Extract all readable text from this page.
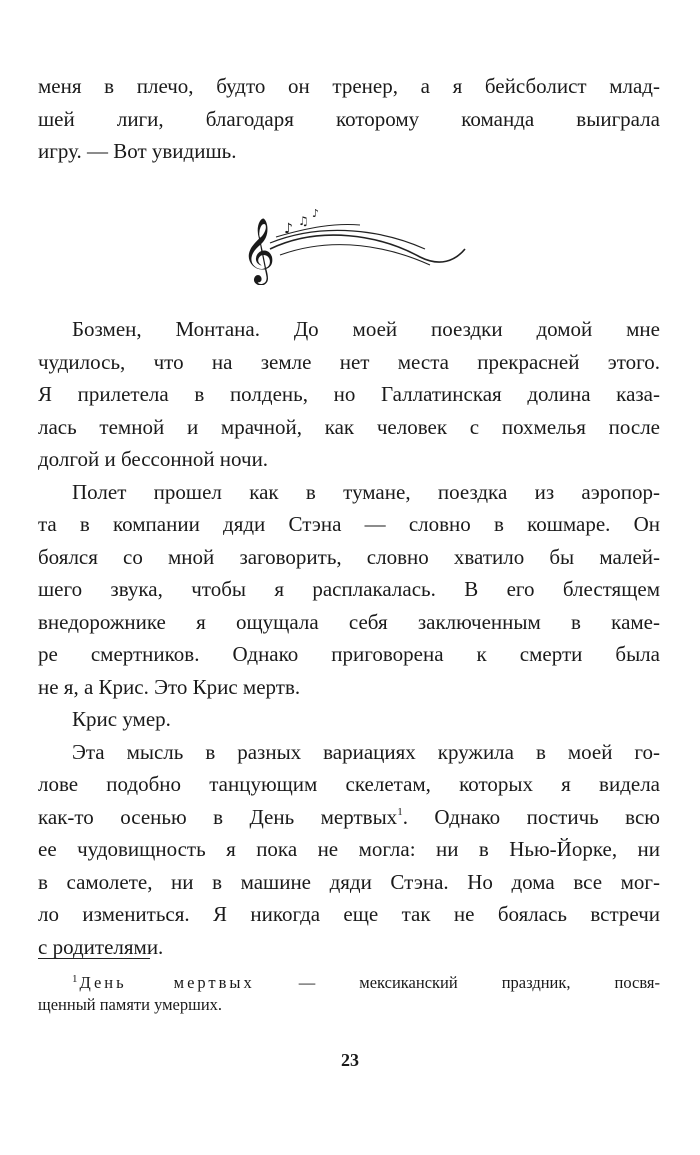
меня в плечо, будто он тренер, а я бейсболист млад-
шей лиги, благодаря которому команда выиграла
игру. — Вот увидишь.
𝄞 ♪ ♫
♪
Бозмен, Монтана. До моей поездки домой мне
чудилось, что на земле нет места прекрасней этого.
Я прилетела в полдень, но Галлатинская долина каза-
лась темной и мрачной, как человек с похмелья после
долгой и бессонной ночи.
Полет прошел как в тумане, поездка из аэропор-
та в компании дяди Стэна — словно в кошмаре. Он
боялся со мной заговорить, словно хватило бы малей-
шего звука, чтобы я расплакалась. В его блестящем
внедорожнике я ощущала себя заключенным в каме-
ре смертников. Однако приговорена к смерти была
не я, а Крис. Это Крис мертв.
Крис умер.
Эта мысль в разных вариациях кружила в моей го-
лове подобно танцующим скелетам, которых я видела
как-то осенью в День мертвых$^1$. Однако постичь всю
ее чудовищность я пока не могла: ни в Нью-Йорке, ни
в самолете, ни в машине дяди Стэна. Но дома все мог-
ло измениться. Я никогда еще так не боялась встречи
с родителями.
$^1$ День мертвых — мексиканский праздник, посвя-
щенный памяти умерших.
23
